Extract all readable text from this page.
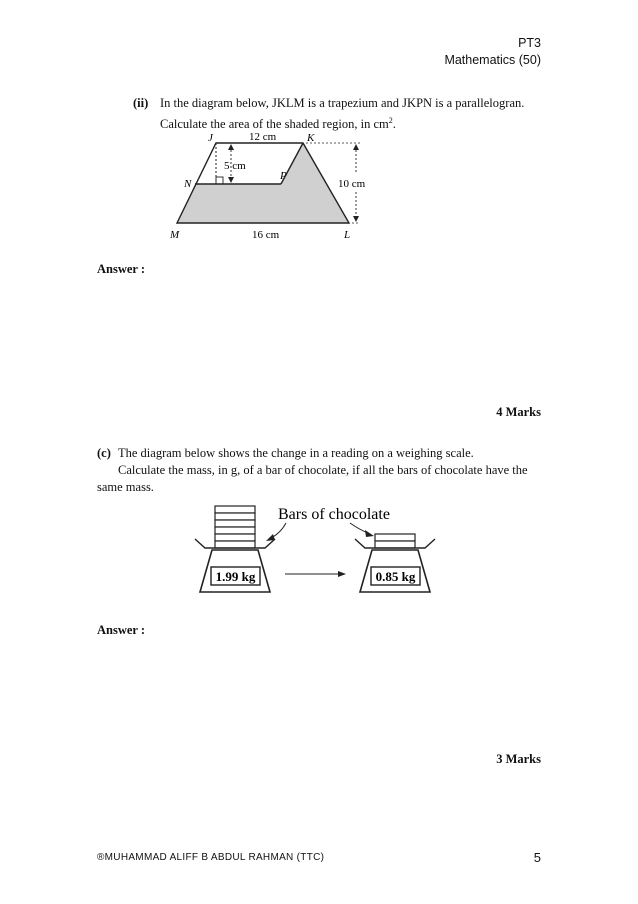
PT3
Mathematics (50)
(ii) In the diagram below, JKLM is a trapezium and JKPN is a parallelogran.
Calculate the area of the shaded region, in $cm^2$.
J	K
L
M
N
P
12 cm
5 cm
10 cm
16 cm
Answer :
4 Marks
(c) The diagram below shows the change in a reading on a weighing scale.
Calculate the mass, in g, of a bar of chocolate, if all the bars of chocolate have the
same mass.
1.99 kg	0.85 kg
Bars of chocolate
Answer :
3 Marks
®MUHAMMAD ALIFF B ABDUL RAHMAN (TTC)	5
